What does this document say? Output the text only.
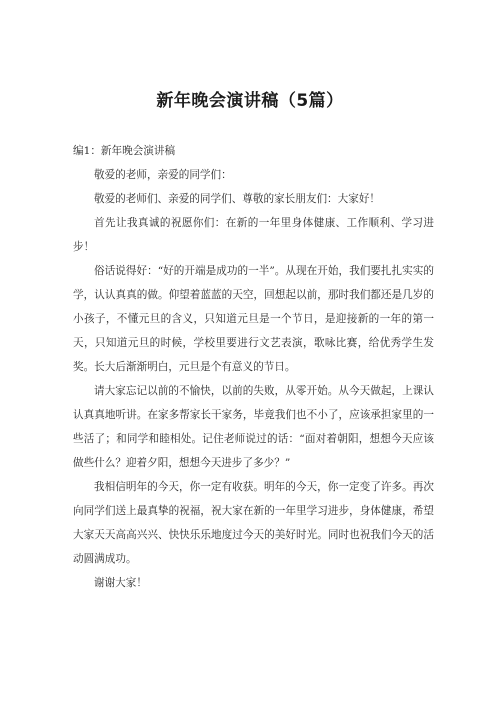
新年晚会演讲稿（5篇）

编1：新年晚会演讲稿

敬爱的老师，亲爱的同学们：

敬爱的老师们、亲爱的同学们、尊敬的家长朋友们：大家好！

首先让我真诚的祝愿你们：在新的一年里身体健康、工作顺利、学习进步！

俗话说得好：“好的开端是成功的一半”。从现在开始，我们要扎扎实实的学，认认真真的做。仰望着蓝蓝的天空，回想起以前，那时我们都还是几岁的小孩子，不懂元旦的含义，只知道元旦是一个节日，是迎接新的一年的第一天，只知道元旦的时候，学校里要进行文艺表演，歌咏比赛，给优秀学生发奖。长大后渐渐明白，元旦是个有意义的节日。

请大家忘记以前的不愉快，以前的失败，从零开始。从今天做起，上课认认真真地听讲。在家多帮家长干家务，毕竟我们也不小了，应该承担家里的一些活了；和同学和睦相处。记住老师说过的话：“面对着朝阳，想想今天应该做些什么？迎着夕阳，想想今天进步了多少？”

我相信明年的今天，你一定有收获。明年的今天，你一定变了许多。再次向同学们送上最真挚的祝福，祝大家在新的一年里学习进步，身体健康，希望大家天天高高兴兴、快快乐乐地度过今天的美好时光。同时也祝我们今天的活动圆满成功。

谢谢大家！
